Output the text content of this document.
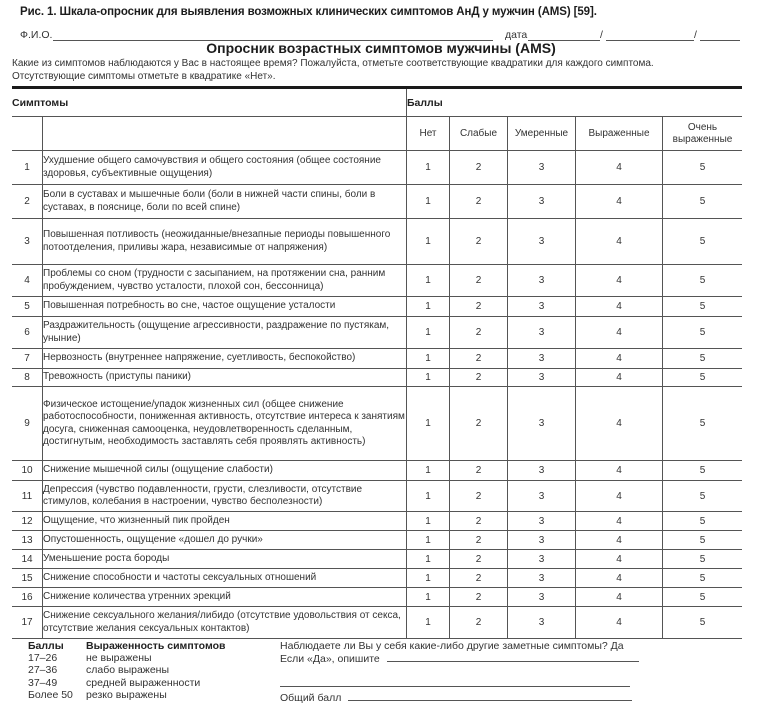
Рис. 1. Шкала-опросник для выявления возможных клинических симптомов АнД у мужчин (AMS) [59].
Ф.И.О.	дата	/	/
Опросник возрастных симптомов мужчины (AMS)
Какие из симптомов наблюдаются у Вас в настоящее время? Пожалуйста, отметьте соответствующие квадратики для каждого симптома.
Отсутствующие симптомы отметьте в квадратике «Нет».
Симптомы		Баллы				
		Нет	Слабые	Умеренные	Выраженные	Очень выраженные
1	Ухудшение общего самочувствия и общего состояния (общее состояние здоровья, субъективные ощущения)	1	2	3	4	5
2	Боли в суставах и мышечные боли (боли в нижней части спины, боли в суставах, в пояснице, боли по всей спине)	1	2	3	4	5
3	Повышенная потливость (неожиданные/внезапные периоды повышенного потоотделения, приливы жара, независимые от напряжения)	1	2	3	4	5
4	Проблемы со сном (трудности с засыпанием, на протяжении сна, ранним пробуждением, чувство усталости, плохой сон, бессонница)	1	2	3	4	5
5	Повышенная потребность во сне, частое ощущение усталости	1	2	3	4	5
6	Раздражительность (ощущение агрессивности, раздражение по пустякам, уныние)	1	2	3	4	5
7	Нервозность (внутреннее напряжение, суетливость, беспокойство)	1	2	3	4	5
8	Тревожность (приступы паники)	1	2	3	4	5
9	Физическое истощение/упадок жизненных сил (общее снижение работоспособности, пониженная активность, отсутствие интереса к занятиям досуга, сниженная самооценка, неудовлетворенность сделанным, достигнутым, необходимость заставлять себя проявлять активность)	1	2	3	4	5
10	Снижение мышечной силы (ощущение слабости)	1	2	3	4	5
11	Депрессия (чувство подавленности, грусти, слезливости, отсутствие стимулов, колебания в настроении, чувство бесполезности)	1	2	3	4	5
12	Ощущение, что жизненный пик пройден	1	2	3	4	5
13	Опустошенность, ощущение «дошел до ручки»	1	2	3	4	5
14	Уменьшение роста бороды	1	2	3	4	5
15	Снижение способности и частоты сексуальных отношений	1	2	3	4	5
16	Снижение количества утренних эрекций	1	2	3	4	5
17	Снижение сексуального желания/либидо (отсутствие удовольствия от секса, отсутствие желания сексуальных контактов)	1	2	3	4	5
Баллы	Выраженность симптомов
17–26	не выражены
27–36	слабо выражены
37–49	средней выраженности
Более 50	резко выражены
Наблюдаете ли Вы у себя какие-либо другие заметные симптомы? Да
Если «Да», опишите
Общий балл
